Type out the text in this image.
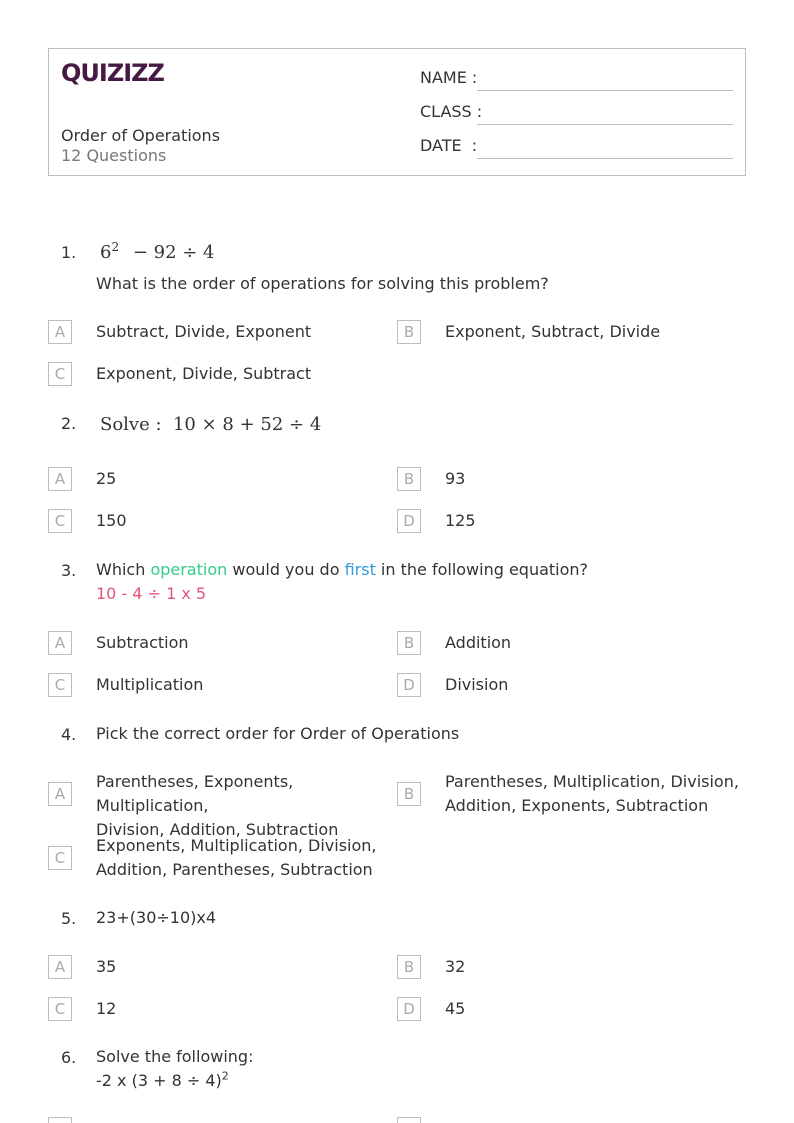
QUIZIZZ
Order of Operations
12 Questions
NAME :
CLASS :
DATE  :
1. $6^2 - 92 \div 4$
What is the order of operations for solving this problem?
A	Subtract, Divide, Exponent	B	Exponent, Subtract, Divide
C	Exponent, Divide, Subtract
2. Solve :  10 × 8 + 52 ÷ 4
A	25	B	93
C	150	D	125
3. Which operation would you do first in the following equation?
10 - 4 ÷ 1 x 5
A	Subtraction	B	Addition
C	Multiplication	D	Division
4. Pick the correct order for Order of Operations
A
Parentheses, Exponents, Multiplication,
Division, Addition, Subtraction
B
Parentheses, Multiplication, Division,
Addition, Exponents, Subtraction
C
Exponents, Multiplication, Division,
Addition, Parentheses, Subtraction
5. 23+(30÷10)x4
A	35	B	32
C	12	D	45
6. Solve the following:
-2 x $(3 + 8 \div 4)^2$
